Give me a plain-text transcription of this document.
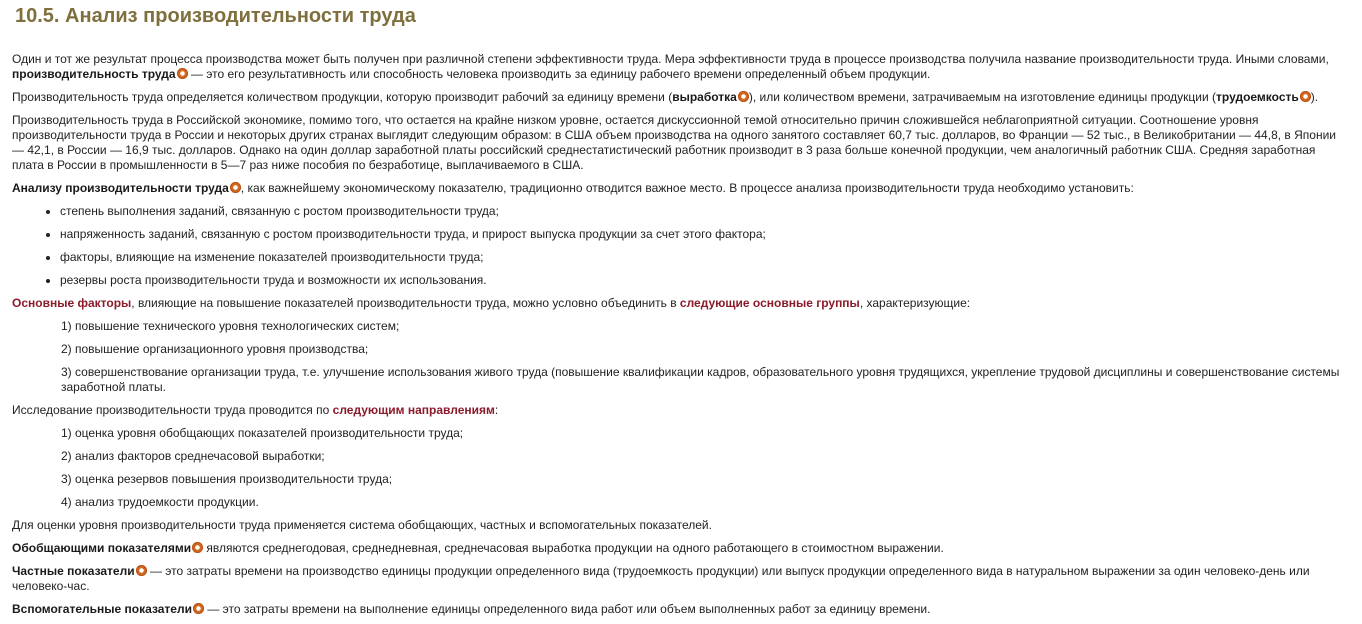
10.5. Анализ производительности труда

Один и тот же результат процесса производства может быть получен при различной степени эффективности труда. Мера эффективности труда в процессе производства получила название производительности труда. Иными словами, производительность труда — это его результативность или способность человека производить за единицу рабочего времени определенный объем продукции.

Производительность труда определяется количеством продукции, которую производит рабочий за единицу времени (выработка ), или количеством времени, затрачиваемым на изготовление единицы продукции (трудоемкость ).

Производительность труда в Российской экономике, помимо того, что остается на крайне низком уровне, остается дискуссионной темой относительно причин сложившейся неблагоприятной ситуации. Соотношение уровня производительности труда в России и некоторых других странах выглядит следующим образом: в США объем производства на одного занятого составляет 60,7 тыс. долларов, во Франции — 52 тыс., в Великобритании — 44,8, в Японии — 42,1, в России — 16,9 тыс. долларов. Однако на один доллар заработной платы российский среднестатистический работник производит в 3 раза больше конечной продукции, чем аналогичный работник США. Средняя заработная плата в России в промышленности в 5—7 раз ниже пособия по безработице, выплачиваемого в США.

Анализу производительности труда , как важнейшему экономическому показателю, традиционно отводится важное место. В процессе анализа производительности труда необходимо установить:

• степень выполнения заданий, связанную с ростом производительности труда;
• напряженность заданий, связанную с ростом производительности труда, и прирост выпуска продукции за счет этого фактора;
• факторы, влияющие на изменение показателей производительности труда;
• резервы роста производительности труда и возможности их использования.

Основные факторы, влияющие на повышение показателей производительности труда, можно условно объединить в следующие основные группы, характеризующие:

1) повышение технического уровня технологических систем;

2) повышение организационного уровня производства;

3) совершенствование организации труда, т.е. улучшение использования живого труда (повышение квалификации кадров, образовательного уровня трудящихся, укрепление трудовой дисциплины и совершенствование системы заработной платы.

Исследование производительности труда проводится по следующим направлениям:

1) оценка уровня обобщающих показателей производительности труда;

2) анализ факторов среднечасовой выработки;

3) оценка резервов повышения производительности труда;

4) анализ трудоемкости продукции.

Для оценки уровня производительности труда применяется система обобщающих, частных и вспомогательных показателей.

Обобщающими показателями являются среднегодовая, среднедневная, среднечасовая выработка продукции на одного работающего в стоимостном выражении.

Частные показатели — это затраты времени на производство единицы продукции определенного вида (трудоемкость продукции) или выпуск продукции определенного вида в натуральном выражении за один человеко-день или человеко-час.

Вспомогательные показатели — это затраты времени на выполнение единицы определенного вида работ или объем выполненных работ за единицу времени.
